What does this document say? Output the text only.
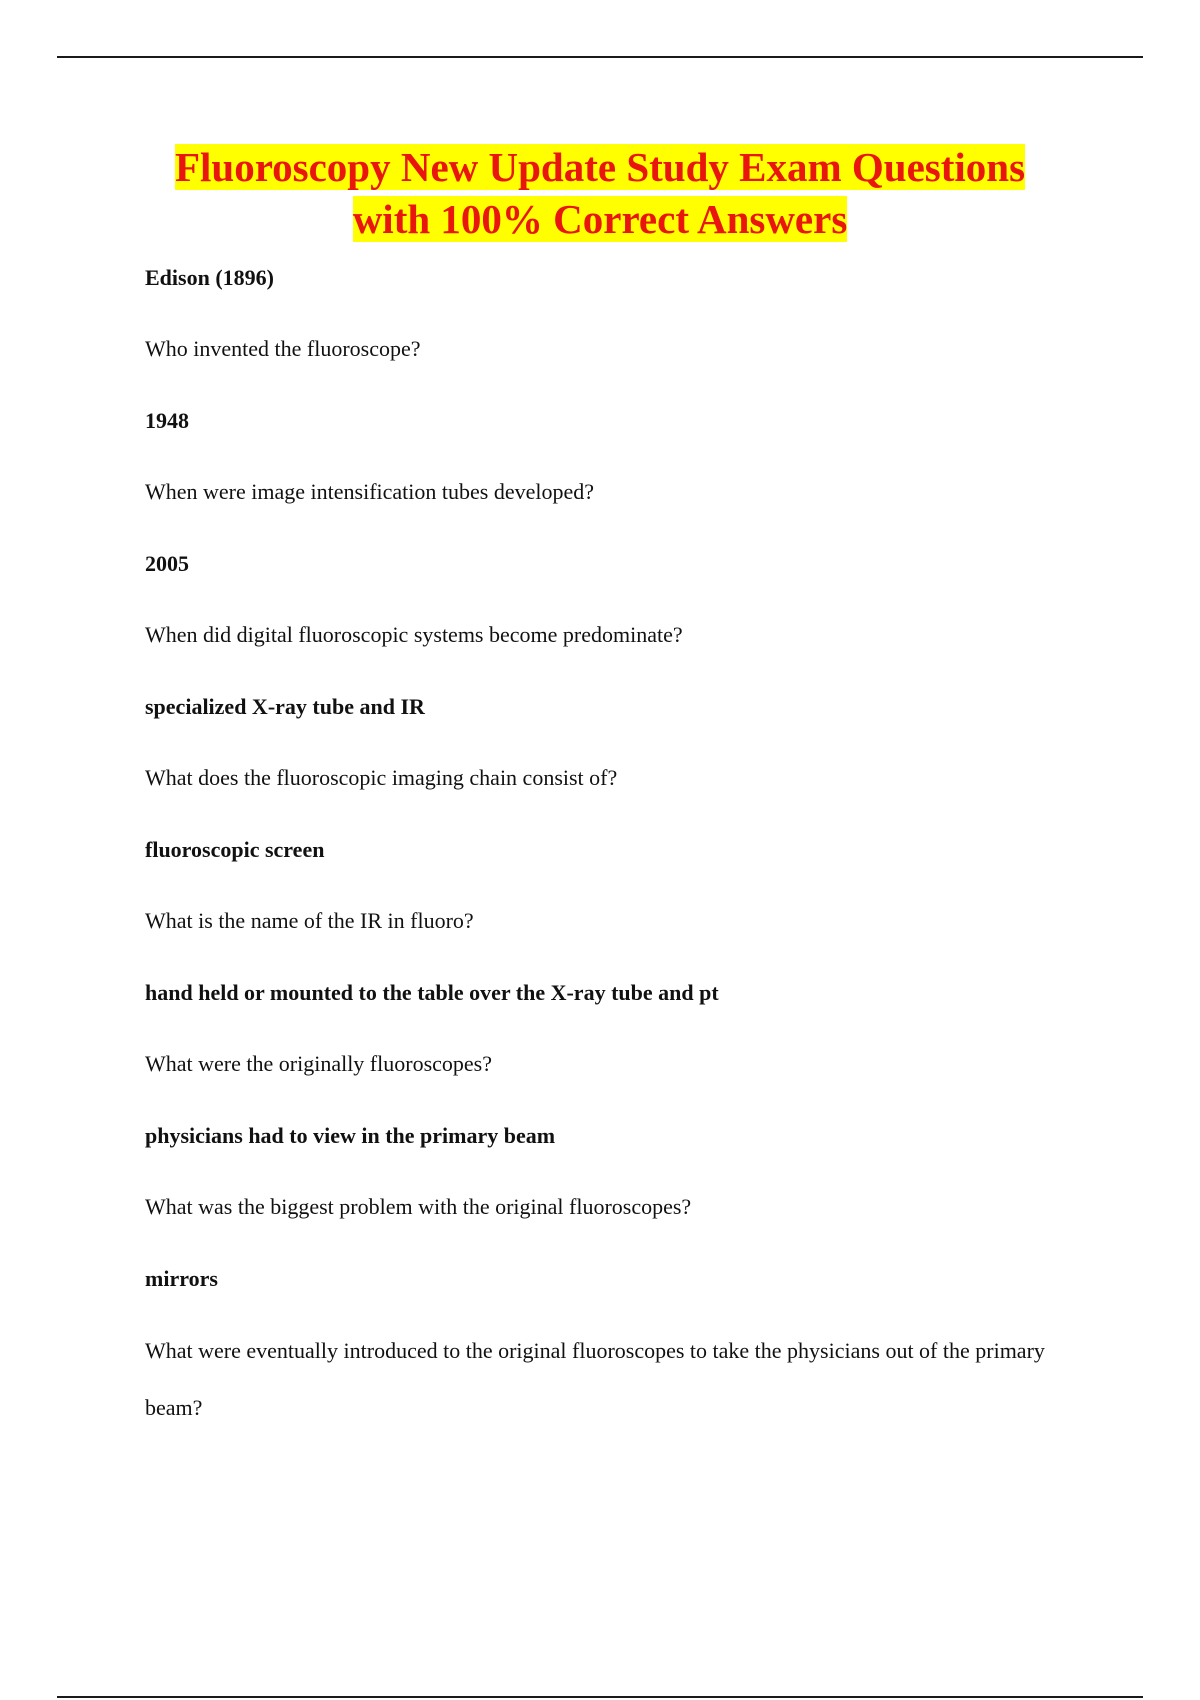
Fluoroscopy New Update Study Exam Questions
with 100% Correct Answers

Edison (1896)

Who invented the fluoroscope?

1948

When were image intensification tubes developed?

2005

When did digital fluoroscopic systems become predominate?

specialized X-ray tube and IR

What does the fluoroscopic imaging chain consist of?

fluoroscopic screen

What is the name of the IR in fluoro?

hand held or mounted to the table over the X-ray tube and pt

What were the originally fluoroscopes?

physicians had to view in the primary beam

What was the biggest problem with the original fluoroscopes?

mirrors

What were eventually introduced to the original fluoroscopes to take the physicians out of the primary beam?
